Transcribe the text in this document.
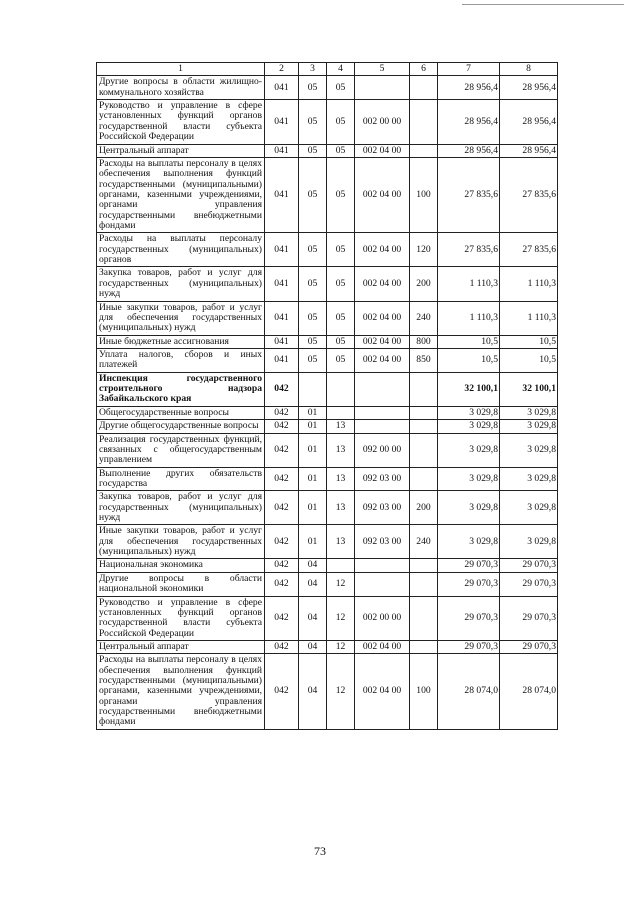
1	2	3	4	5	6	7	8
Другие вопросы в области жилищно-коммунального хозяйства	041	05	05			28 956,4	28 956,4
Руководство и управление в сфере установленных функций органов государственной власти субъекта Российской Федерации	041	05	05	002 00 00		28 956,4	28 956,4
Центральный аппарат	041	05	05	002 04 00		28 956,4	28 956,4
Расходы на выплаты персоналу в целях обеспечения выполнения функций государственными (муниципальными) органами, казенными учреждениями, органами управления государственными внебюджетными фондами	041	05	05	002 04 00	100	27 835,6	27 835,6
Расходы на выплаты персоналу государственных (муниципальных) органов	041	05	05	002 04 00	120	27 835,6	27 835,6
Закупка товаров, работ и услуг для государственных (муниципальных) нужд	041	05	05	002 04 00	200	1 110,3	1 110,3
Иные закупки товаров, работ и услуг для обеспечения государственных (муниципальных) нужд	041	05	05	002 04 00	240	1 110,3	1 110,3
Иные бюджетные ассигнования	041	05	05	002 04 00	800	10,5	10,5
Уплата налогов, сборов и иных платежей	041	05	05	002 04 00	850	10,5	10,5
Инспекция государственного строительного надзора Забайкальского края	042					32 100,1	32 100,1
Общегосударственные вопросы	042	01				3 029,8	3 029,8
Другие общегосударственные вопросы	042	01	13			3 029,8	3 029,8
Реализация государственных функций, связанных с общегосударственным управлением	042	01	13	092 00 00		3 029,8	3 029,8
Выполнение других обязательств государства	042	01	13	092 03 00		3 029,8	3 029,8
Закупка товаров, работ и услуг для государственных (муниципальных) нужд	042	01	13	092 03 00	200	3 029,8	3 029,8
Иные закупки товаров, работ и услуг для обеспечения государственных (муниципальных) нужд	042	01	13	092 03 00	240	3 029,8	3 029,8
Национальная экономика	042	04				29 070,3	29 070,3
Другие вопросы в области национальной экономики	042	04	12			29 070,3	29 070,3
Руководство и управление в сфере установленных функций органов государственной власти субъекта Российской Федерации	042	04	12	002 00 00		29 070,3	29 070,3
Центральный аппарат	042	04	12	002 04 00		29 070,3	29 070,3
Расходы на выплаты персоналу в целях обеспечения выполнения функций государственными (муниципальными) органами, казенными учреждениями, органами управления государственными внебюджетными фондами	042	04	12	002 04 00	100	28 074,0	28 074,0
73
